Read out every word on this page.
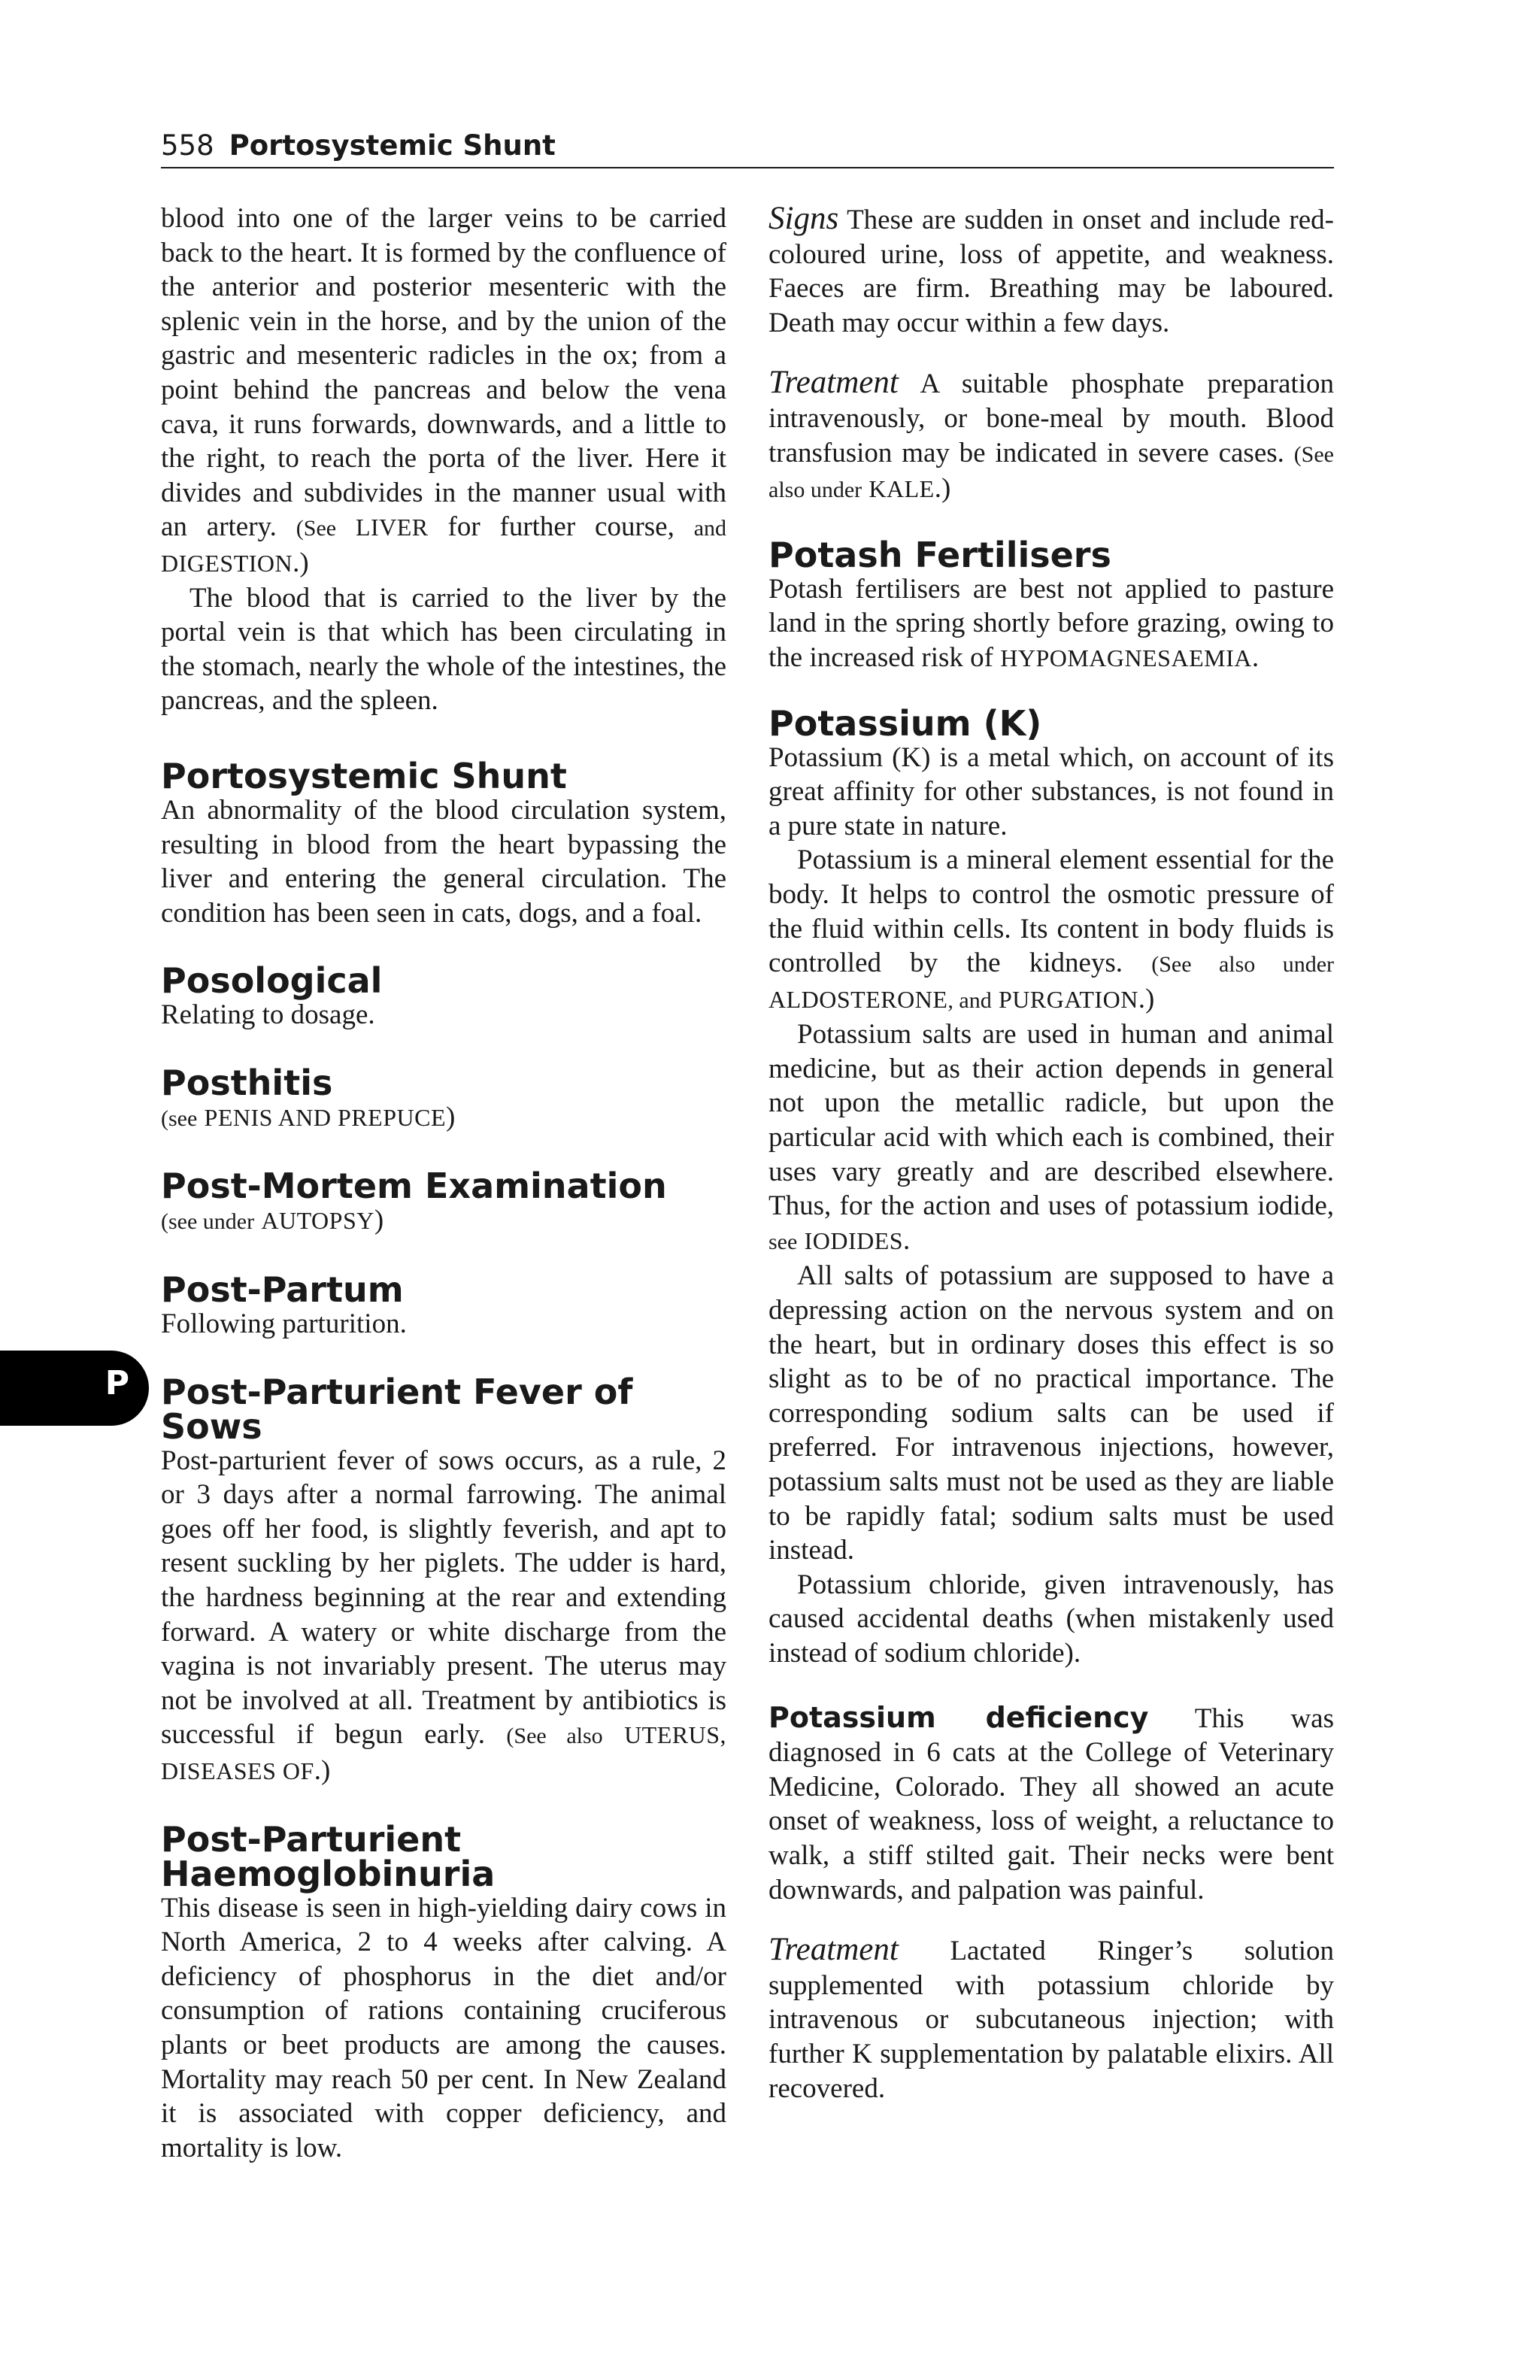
558 Portosystemic Shunt
P

blood into one of the larger veins to be carried back to the heart. It is formed by the confluence of the anterior and posterior mesenteric with the splenic vein in the horse, and by the union of the gastric and mesenteric radicles in the ox; from a point behind the pancreas and below the vena cava, it runs forwards, downwards, and a little to the right, to reach the porta of the liver. Here it divides and subdivides in the manner usual with an artery. (See LIVER for further course, and DIGESTION.)

The blood that is carried to the liver by the portal vein is that which has been circulating in the stomach, nearly the whole of the intestines, the pancreas, and the spleen.

Portosystemic Shunt

An abnormality of the blood circulation system, resulting in blood from the heart bypassing the liver and entering the general circulation. The condition has been seen in cats, dogs, and a foal.

Posological

Relating to dosage.

Posthitis

(see PENIS AND PREPUCE)

Post-Mortem Examination

(see under AUTOPSY)

Post-Partum

Following parturition.

Post-Parturient Fever of Sows

Post-parturient fever of sows occurs, as a rule, 2 or 3 days after a normal farrowing. The animal goes off her food, is slightly feverish, and apt to resent suckling by her piglets. The udder is hard, the hardness beginning at the rear and extending forward. A watery or white discharge from the vagina is not invariably present. The uterus may not be involved at all. Treatment by antibiotics is successful if begun early. (See also UTERUS, DISEASES OF.)

Post-Parturient
Haemoglobinuria

This disease is seen in high-yielding dairy cows in North America, 2 to 4 weeks after calving. A deficiency of phosphorus in the diet and/or consumption of rations containing cruciferous plants or beet products are among the causes. Mortality may reach 50 per cent. In New Zealand it is associated with copper deficiency, and mortality is low.

Signs These are sudden in onset and include red-coloured urine, loss of appetite, and weakness. Faeces are firm. Breathing may be laboured. Death may occur within a few days.

Treatment A suitable phosphate preparation intravenously, or bone-meal by mouth. Blood transfusion may be indicated in severe cases. (See also under KALE.)

Potash Fertilisers

Potash fertilisers are best not applied to pasture land in the spring shortly before grazing, owing to the increased risk of HYPOMAGNESAEMIA.

Potassium (K)

Potassium (K) is a metal which, on account of its great affinity for other substances, is not found in a pure state in nature.

Potassium is a mineral element essential for the body. It helps to control the osmotic pressure of the fluid within cells. Its content in body fluids is controlled by the kidneys. (See also under ALDOSTERONE, and PURGATION.)

Potassium salts are used in human and animal medicine, but as their action depends in general not upon the metallic radicle, but upon the particular acid with which each is combined, their uses vary greatly and are described elsewhere. Thus, for the action and uses of potassium iodide, see IODIDES.

All salts of potassium are supposed to have a depressing action on the nervous system and on the heart, but in ordinary doses this effect is so slight as to be of no practical importance. The corresponding sodium salts can be used if preferred. For intravenous injections, however, potassium salts must not be used as they are liable to be rapidly fatal; sodium salts must be used instead.

Potassium chloride, given intravenously, has caused accidental deaths (when mistakenly used instead of sodium chloride).

Potassium deficiency This was diagnosed in 6 cats at the College of Veterinary Medicine, Colorado. They all showed an acute onset of weakness, loss of weight, a reluctance to walk, a stiff stilted gait. Their necks were bent downwards, and palpation was painful.

Treatment Lactated Ringer’s solution supplemented with potassium chloride by intravenous or subcutaneous injection; with further K supplementation by palatable elixirs. All recovered.
